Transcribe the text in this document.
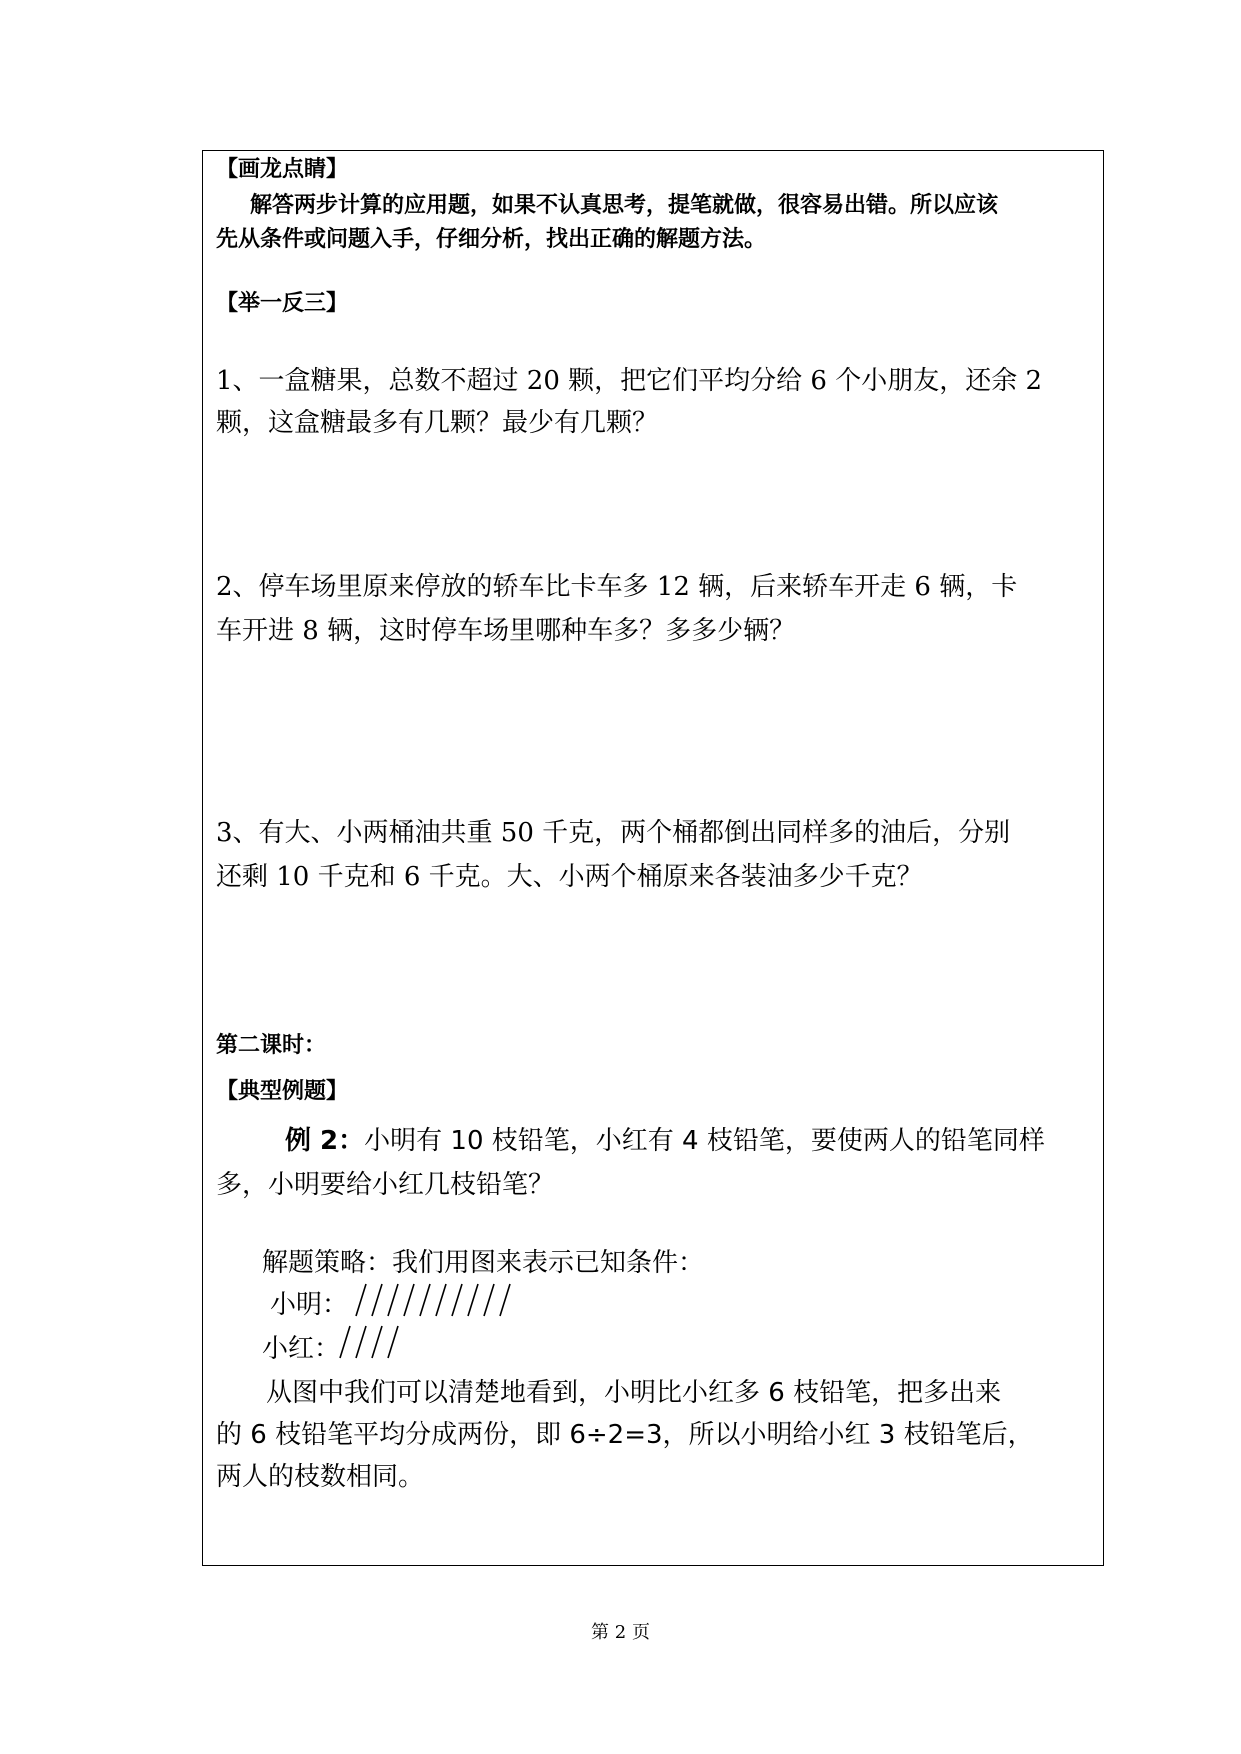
【画龙点睛】
解答两步计算的应用题，如果不认真思考，提笔就做，很容易出错。所以应该
先从条件或问题入手，仔细分析，找出正确的解题方法。
【举一反三】
1、一盒糖果，总数不超过 20 颗，把它们平均分给 6 个小朋友，还余 2
颗，这盒糖最多有几颗？最少有几颗？
2、停车场里原来停放的轿车比卡车多 12 辆，后来轿车开走 6 辆，卡
车开进 8 辆，这时停车场里哪种车多？多多少辆？
3、有大、小两桶油共重 50 千克，两个桶都倒出同样多的油后，分别
还剩 10 千克和 6 千克。大、小两个桶原来各装油多少千克？
第二课时：
【典型例题】
例 2：小明有 10 枝铅笔，小红有 4 枝铅笔，要使两人的铅笔同样
多，小明要给小红几枝铅笔？
解题策略：我们用图来表示已知条件：
小明：
小红：
从图中我们可以清楚地看到，小明比小红多 6 枝铅笔，把多出来
的 6 枝铅笔平均分成两份，即 6÷2=3，所以小明给小红 3 枝铅笔后，
两人的枝数相同。
第 2 页
